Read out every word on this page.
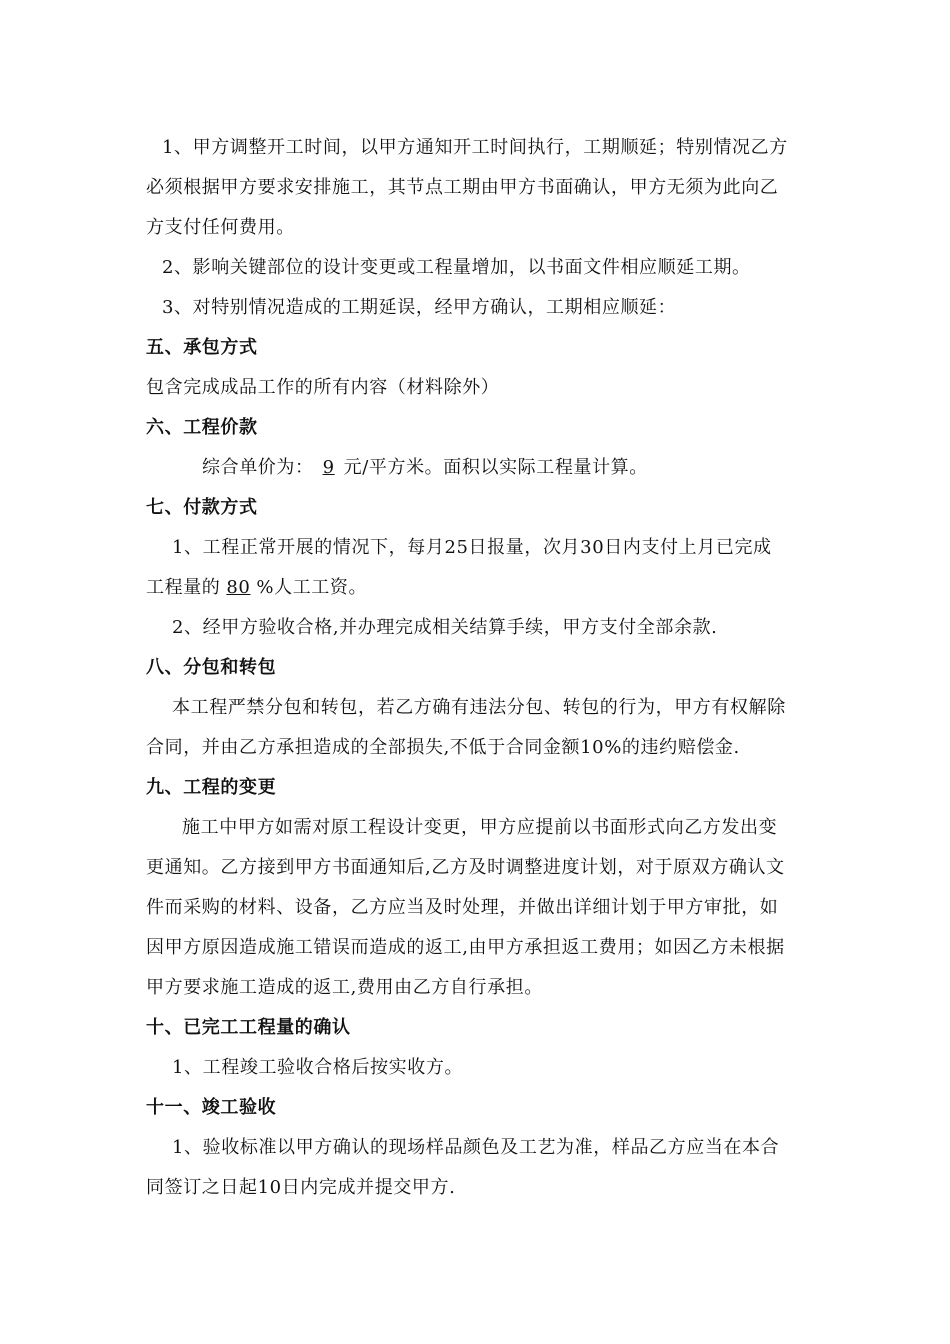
1、甲方调整开工时间，以甲方通知开工时间执行，工期顺延；特别情况乙方
必须根据甲方要求安排施工，其节点工期由甲方书面确认，甲方无须为此向乙
方支付任何费用。
2、影响关键部位的设计变更或工程量增加，以书面文件相应顺延工期。
3、对特别情况造成的工期延误，经甲方确认，工期相应顺延：
五、承包方式
包含完成成品工作的所有内容（材料除外）
六、工程价款
综合单价为： 9 元/平方米。面积以实际工程量计算。
七、付款方式
1、工程正常开展的情况下，每月25日报量，次月30日内支付上月已完成
工程量的 80 %人工工资。
2、经甲方验收合格,并办理完成相关结算手续，甲方支付全部余款.
八、分包和转包
本工程严禁分包和转包，若乙方确有违法分包、转包的行为，甲方有权解除
合同，并由乙方承担造成的全部损失,不低于合同金额10%的违约赔偿金.
九、工程的变更
施工中甲方如需对原工程设计变更，甲方应提前以书面形式向乙方发出变
更通知。乙方接到甲方书面通知后,乙方及时调整进度计划，对于原双方确认文
件而采购的材料、设备，乙方应当及时处理，并做出详细计划于甲方审批，如
因甲方原因造成施工错误而造成的返工,由甲方承担返工费用；如因乙方未根据
甲方要求施工造成的返工,费用由乙方自行承担。
十、已完工工程量的确认
1、工程竣工验收合格后按实收方。
十一、竣工验收
1、验收标准以甲方确认的现场样品颜色及工艺为准，样品乙方应当在本合
同签订之日起10日内完成并提交甲方.
